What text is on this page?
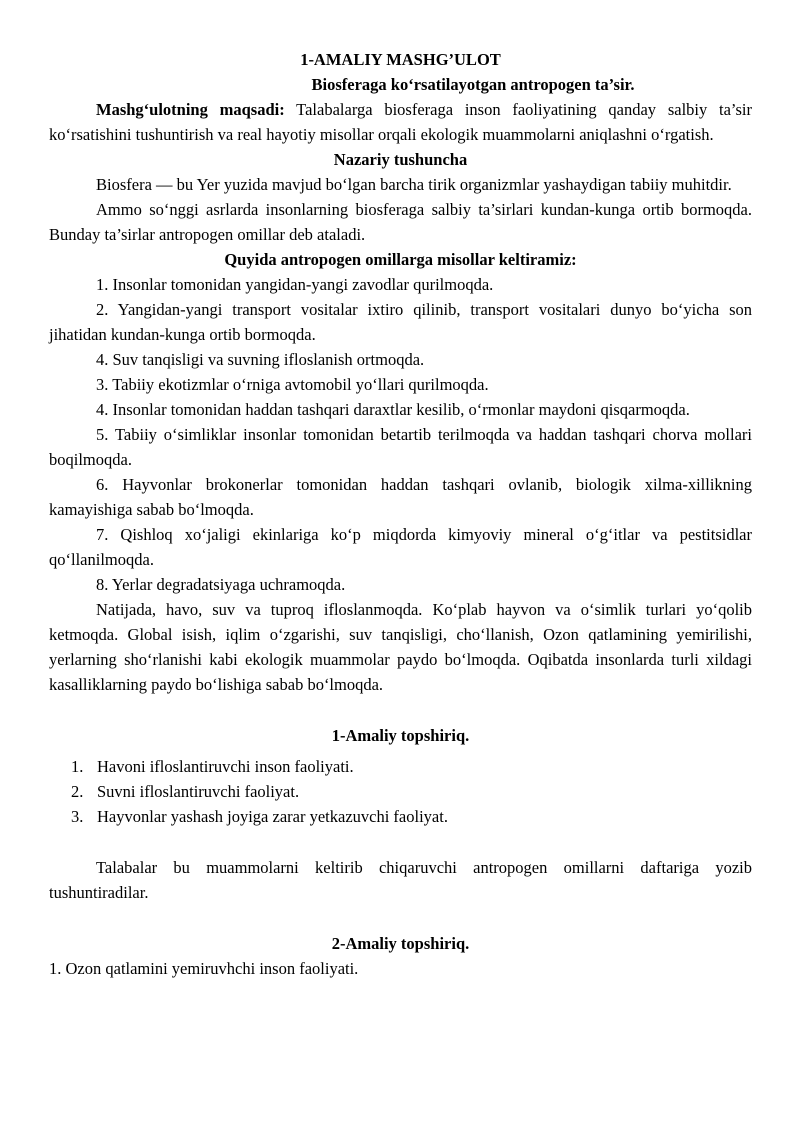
1-AMALIY MASHG’ULOT

Biosferaga ko‘rsatilayotgan antropogen ta’sir.

Mashg‘ulotning maqsadi: Talabalarga biosferaga inson faoliyatining qanday salbiy ta’sir ko‘rsatishini tushuntirish va real hayotiy misollar orqali ekologik muammolarni aniqlashni o‘rgatish.

Nazariy tushuncha

Biosfera — bu Yer yuzida mavjud bo‘lgan barcha tirik organizmlar yashaydigan tabiiy muhitdir.

Ammo so‘nggi asrlarda insonlarning biosferaga salbiy ta’sirlari kundan-kunga ortib bormoqda. Bunday ta’sirlar antropogen omillar deb ataladi.

Quyida antropogen omillarga misollar keltiramiz:

1. Insonlar tomonidan yangidan-yangi zavodlar qurilmoqda.

2. Yangidan-yangi transport vositalar ixtiro qilinib, transport vositalari dunyo bo‘yicha son jihatidan kundan-kunga ortib bormoqda.

4. Suv tanqisligi va suvning ifloslanish ortmoqda.

3. Tabiiy ekotizmlar o‘rniga avtomobil yo‘llari qurilmoqda.

4. Insonlar tomonidan haddan tashqari daraxtlar kesilib, o‘rmonlar maydoni qisqarmoqda.

5. Tabiiy o‘simliklar insonlar tomonidan betartib terilmoqda va haddan tashqari chorva mollari boqilmoqda.

6. Hayvonlar brokonerlar tomonidan haddan tashqari ovlanib, biologik xilma-xillikning kamayishiga sabab bo‘lmoqda.

7. Qishloq xo‘jaligi ekinlariga ko‘p miqdorda kimyoviy mineral o‘g‘itlar va pestitsidlar qo‘llanilmoqda.

8. Yerlar degradatsiyaga uchramoqda.

Natijada, havo, suv va tuproq ifloslanmoqda. Ko‘plab hayvon va o‘simlik turlari yo‘qolib ketmoqda. Global isish, iqlim o‘zgarishi, suv tanqisligi, cho‘llanish, Ozon qatlamining yemirilishi, yerlarning sho‘rlanishi kabi ekologik muammolar paydo bo‘lmoqda. Oqibatda insonlarda turli xildagi kasalliklarning paydo bo‘lishiga sabab bo‘lmoqda.

1-Amaliy topshiriq.

1. Havoni ifloslantiruvchi inson faoliyati.
2. Suvni ifloslantiruvchi faoliyat.
3. Hayvonlar yashash joyiga zarar yetkazuvchi faoliyat.

Talabalar bu muammolarni keltirib chiqaruvchi antropogen omillarni daftariga yozib tushuntiradilar.

2-Amaliy topshiriq.

1. Ozon qatlamini yemiruvhchi inson faoliyati.
